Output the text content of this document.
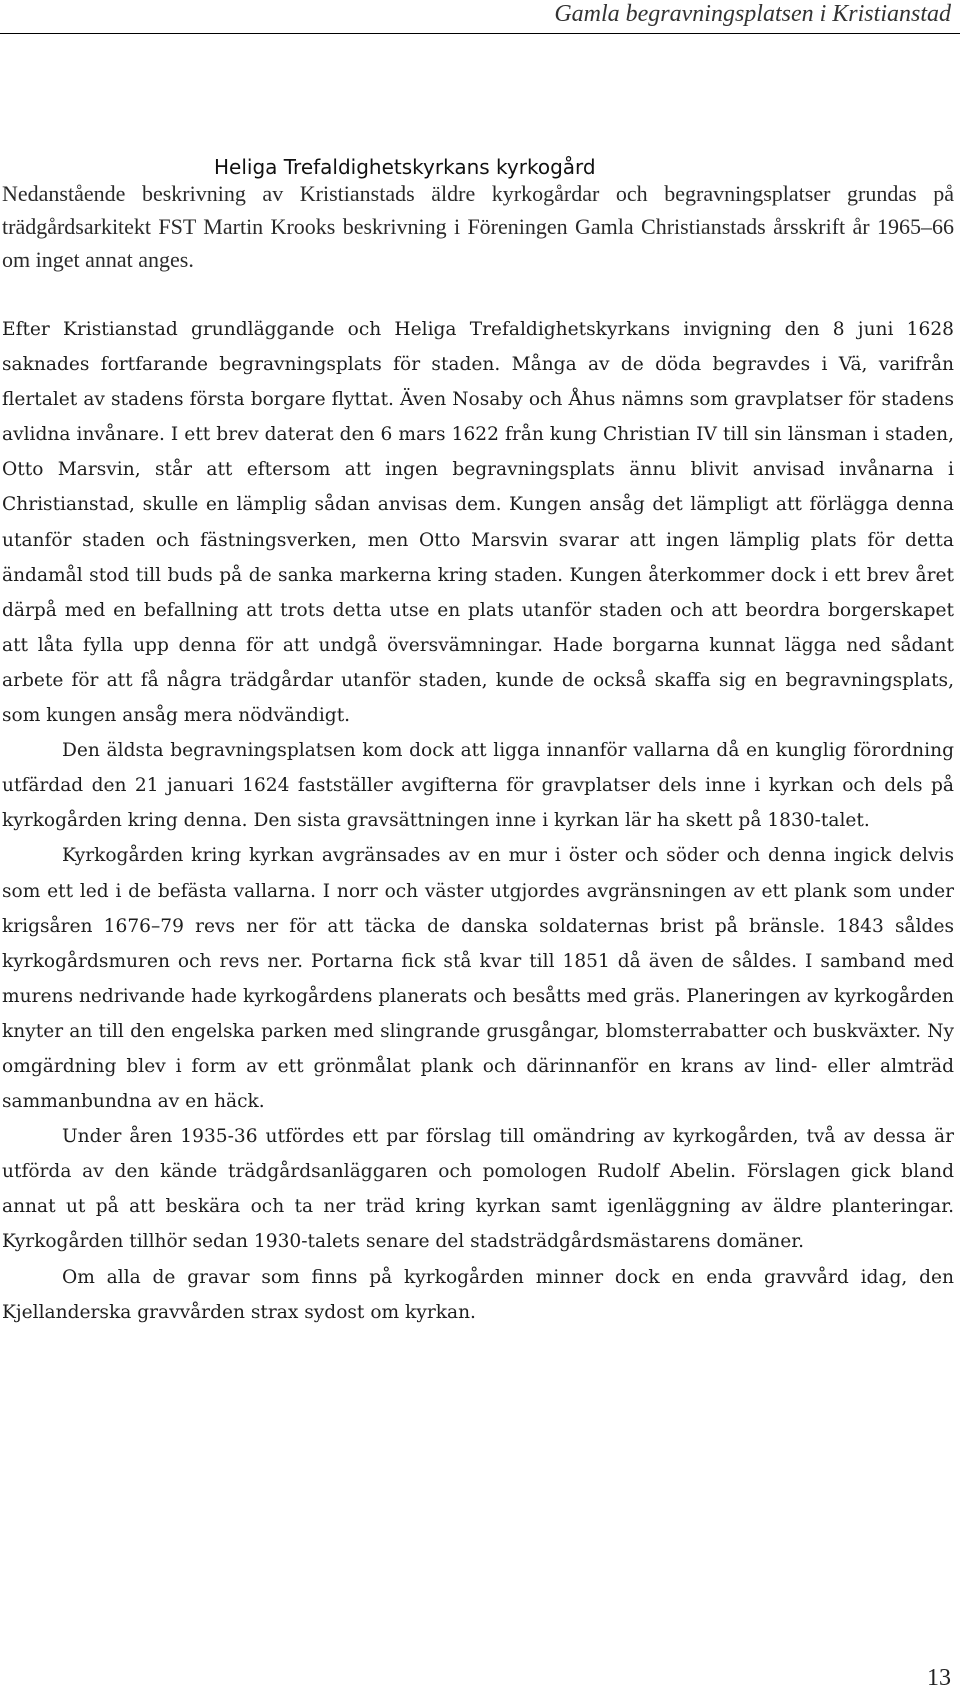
Gamla begravningsplatsen i Kristianstad
Heliga Trefaldighetskyrkans kyrkogård

Nedanstående beskrivning av Kristianstads äldre kyrkogårdar och begravningsplatser grundas på trädgårdsarkitekt FST Martin Krooks beskrivning i Föreningen Gamla Christianstads årsskrift år 1965–66 om inget annat anges.

Efter Kristianstad grundläggande och Heliga Trefaldighetskyrkans invigning den 8 juni 1628 saknades fortfarande begravningsplats för staden. Många av de döda begravdes i Vä, varifrån flertalet av stadens första borgare flyttat. Även Nosaby och Åhus nämns som gravplatser för stadens avlidna invånare. I ett brev daterat den 6 mars 1622 från kung Christian IV till sin länsman i staden, Otto Marsvin, står att eftersom att ingen begravningsplats ännu blivit anvisad invånarna i Christianstad, skulle en lämplig sådan anvisas dem. Kungen ansåg det lämpligt att förlägga denna utanför staden och fästningsverken, men Otto Marsvin svarar att ingen lämplig plats för detta ändamål stod till buds på de sanka markerna kring staden. Kungen återkommer dock i ett brev året därpå med en befallning att trots detta utse en plats utanför staden och att beordra borgerskapet att låta fylla upp denna för att undgå översvämningar. Hade borgarna kunnat lägga ned sådant arbete för att få några trädgårdar utanför staden, kunde de också skaffa sig en begravningsplats, som kungen ansåg mera nödvändigt.

Den äldsta begravningsplatsen kom dock att ligga innanför vallarna då en kunglig förordning utfärdad den 21 januari 1624 fastställer avgifterna för gravplatser dels inne i kyrkan och dels på kyrkogården kring denna. Den sista gravsättningen inne i kyrkan lär ha skett på 1830-talet.

Kyrkogården kring kyrkan avgränsades av en mur i öster och söder och denna ingick delvis som ett led i de befästa vallarna. I norr och väster utgjordes avgränsningen av ett plank som under krigsåren 1676–79 revs ner för att täcka de danska soldaternas brist på bränsle. 1843 såldes kyrkogårdsmuren och revs ner. Portarna fick stå kvar till 1851 då även de såldes. I samband med murens nedrivande hade kyrkogårdens planerats och besåtts med gräs. Planeringen av kyrkogården knyter an till den engelska parken med slingrande grusgångar, blomsterrabatter och buskväxter. Ny omgärdning blev i form av ett grönmålat plank och därinnanför en krans av lind- eller almträd sammanbundna av en häck.

Under åren 1935-36 utfördes ett par förslag till omändring av kyrkogården, två av dessa är utförda av den kände trädgårdsanläggaren och pomologen Rudolf Abelin. Förslagen gick bland annat ut på att beskära och ta ner träd kring kyrkan samt igenläggning av äldre planteringar. Kyrkogården tillhör sedan 1930-talets senare del stadsträdgårdsmästarens domäner.

Om alla de gravar som finns på kyrkogården minner dock en enda gravvård idag, den Kjellanderska gravvården strax sydost om kyrkan.

13
